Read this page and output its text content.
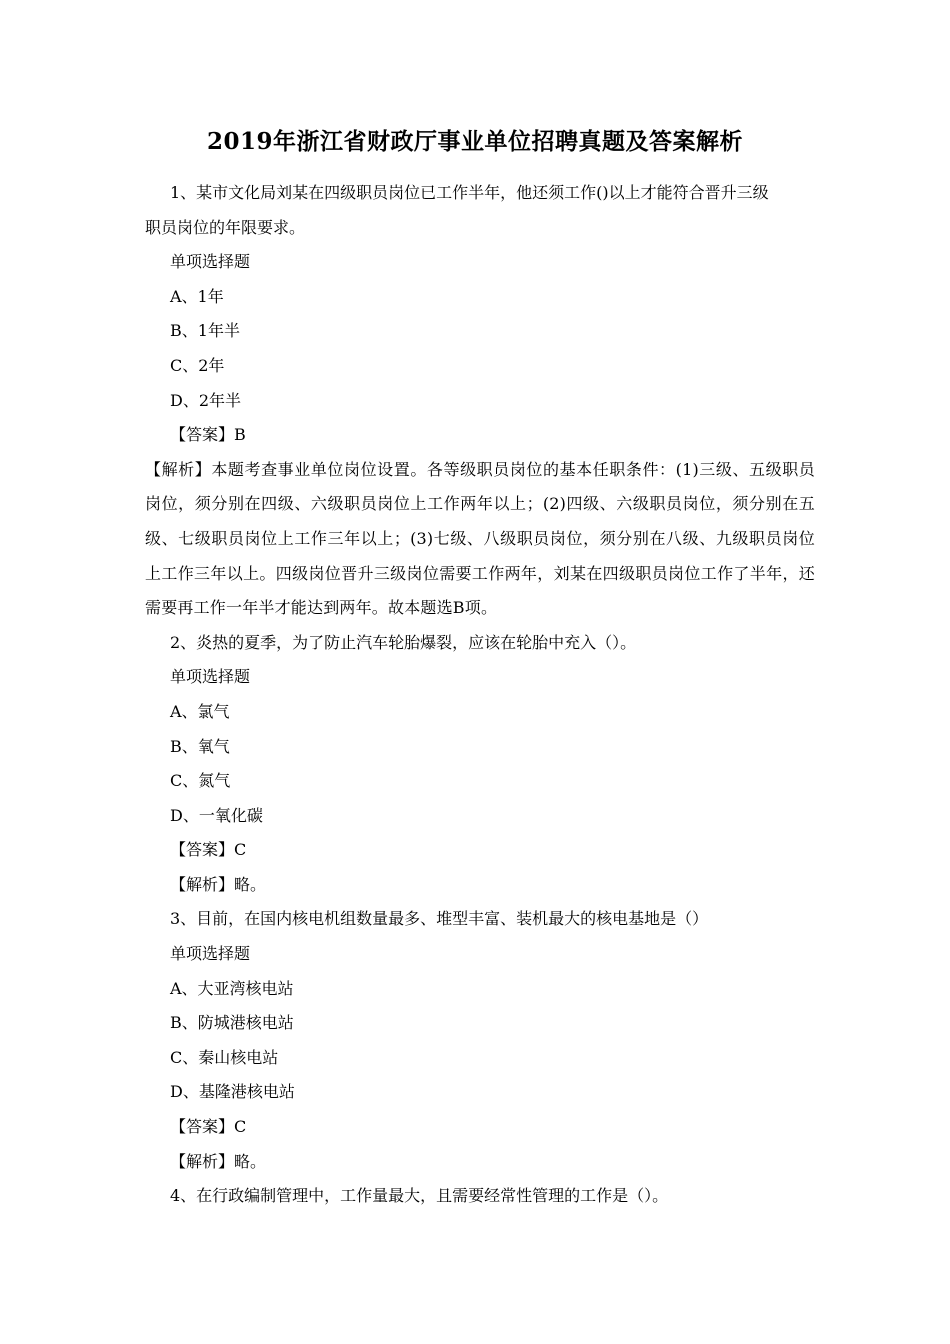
2019年浙江省财政厅事业单位招聘真题及答案解析
1、某市文化局刘某在四级职员岗位已工作半年，他还须工作()以上才能符合晋升三级
职员岗位的年限要求。
单项选择题
A、1年
B、1年半
C、2年
D、2年半
【答案】B
【解析】本题考查事业单位岗位设置。各等级职员岗位的基本任职条件：(1)三级、五级职员岗位，须分别在四级、六级职员岗位上工作两年以上；(2)四级、六级职员岗位，须分别在五级、七级职员岗位上工作三年以上；(3)七级、八级职员岗位，须分别在八级、九级职员岗位上工作三年以上。四级岗位晋升三级岗位需要工作两年，刘某在四级职员岗位工作了半年，还需要再工作一年半才能达到两年。故本题选B项。
2、炎热的夏季，为了防止汽车轮胎爆裂，应该在轮胎中充入（）。
单项选择题
A、氯气
B、氧气
C、氮气
D、一氧化碳
【答案】C
【解析】略。
3、目前，在国内核电机组数量最多、堆型丰富、装机最大的核电基地是（）
单项选择题
A、大亚湾核电站
B、防城港核电站
C、秦山核电站
D、基隆港核电站
【答案】C
【解析】略。
4、在行政编制管理中，工作量最大，且需要经常性管理的工作是（）。
